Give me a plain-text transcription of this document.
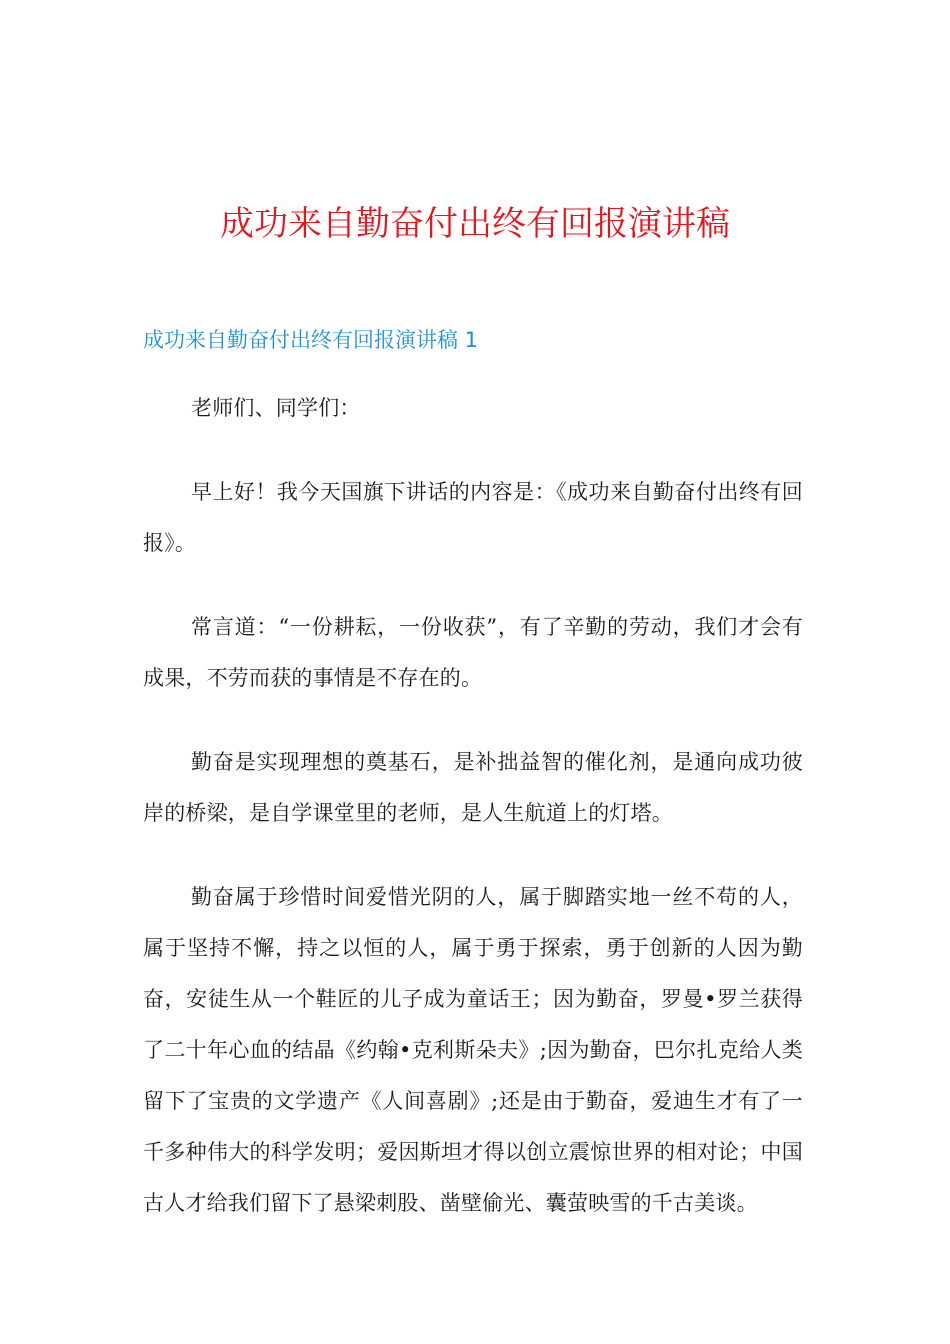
成功来自勤奋付出终有回报演讲稿
成功来自勤奋付出终有回报演讲稿 1

老师们、同学们：

早上好！我今天国旗下讲话的内容是：《成功来自勤奋付出终有回报》。

常言道：“一份耕耘，一份收获”，有了辛勤的劳动，我们才会有成果，不劳而获的事情是不存在的。

勤奋是实现理想的奠基石，是补拙益智的催化剂，是通向成功彼岸的桥梁，是自学课堂里的老师，是人生航道上的灯塔。

勤奋属于珍惜时间爱惜光阴的人，属于脚踏实地一丝不苟的人，属于坚持不懈，持之以恒的人，属于勇于探索，勇于创新的人因为勤奋，安徒生从一个鞋匠的儿子成为童话王；因为勤奋，罗曼•罗兰获得了二十年心血的结晶《约翰•克利斯朵夫》;因为勤奋，巴尔扎克给人类留下了宝贵的文学遗产《人间喜剧》;还是由于勤奋，爱迪生才有了一千多种伟大的科学发明；爱因斯坦才得以创立震惊世界的相对论；中国古人才给我们留下了悬梁刺股、凿壁偷光、囊萤映雪的千古美谈。
